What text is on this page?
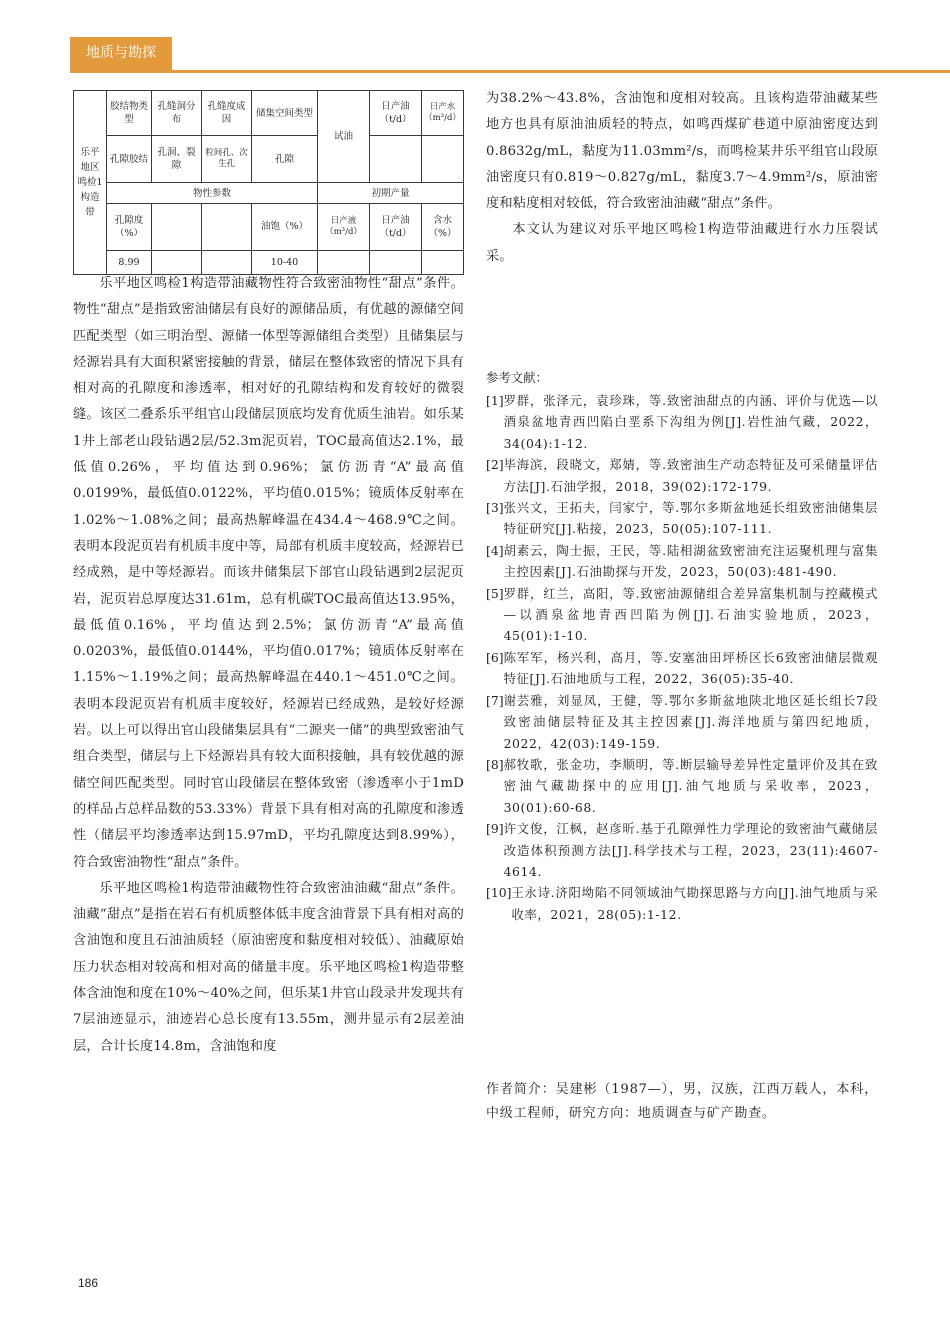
地质与勘探
乐平地区鸣检1构造带	胶结物类型	孔缝洞分布	孔缝度成因	储集空间类型	试油	日产油（t/d）	日产水（m³/d）
	孔隙胶结	孔洞、裂隙	粒间孔、次生孔	孔隙			
	物性参数				初期产量		
	孔隙度（%）			油饱（%）	日产液（m³/d）	日产油（t/d）	含水（%）
	8.99			10-40			

乐平地区鸣检1构造带油藏物性符合致密油物性“甜点”条件。物性“甜点”是指致密油储层有良好的源储品质，有优越的源储空间匹配类型（如三明治型、源储一体型等源储组合类型）且储集层与烃源岩具有大面积紧密接触的背景，储层在整体致密的情况下具有相对高的孔隙度和渗透率，相对好的孔隙结构和发育较好的微裂缝。该区二叠系乐平组官山段储层顶底均发育优质生油岩。如乐某1井上部老山段钻遇2层/52.3m泥页岩，TOC最高值达2.1%，最低值0.26%，平均值达到0.96%；氯仿沥青“A”最高值0.0199%，最低值0.0122%，平均值0.015%；镜质体反射率在1.02%～1.08%之间；最高热解峰温在434.4～468.9℃之间。表明本段泥页岩有机质丰度中等，局部有机质丰度较高，烃源岩已经成熟，是中等烃源岩。而该井储集层下部官山段钻遇到2层泥页岩，泥页岩总厚度达31.61m，总有机碳TOC最高值达13.95%，最低值0.16%，平均值达到2.5%；氯仿沥青“A”最高值0.0203%，最低值0.0144%，平均值0.017%；镜质体反射率在1.15%～1.19%之间；最高热解峰温在440.1～451.0℃之间。表明本段泥页岩有机质丰度较好，烃源岩已经成熟，是较好烃源岩。以上可以得出官山段储集层具有“二源夹一储”的典型致密油气组合类型，储层与上下烃源岩具有较大面积接触，具有较优越的源储空间匹配类型。同时官山段储层在整体致密（渗透率小于1mD的样品占总样品数的53.33%）背景下具有相对高的孔隙度和渗透性（储层平均渗透率达到15.97mD，平均孔隙度达到8.99%），符合致密油物性“甜点”条件。

乐平地区鸣检1构造带油藏物性符合致密油油藏“甜点”条件。油藏“甜点”是指在岩石有机质整体低丰度含油背景下具有相对高的含油饱和度且石油油质轻（原油密度和黏度相对较低）、油藏原始压力状态相对较高和相对高的储量丰度。乐平地区鸣检1构造带整体含油饱和度在10%～40%之间，但乐某1井官山段录井发现共有7层油迹显示，油迹岩心总长度有13.55m，测井显示有2层差油层，合计长度14.8m，含油饱和度

为38.2%～43.8%，含油饱和度相对较高。且该构造带油藏某些地方也具有原油油质轻的特点，如鸣西煤矿巷道中原油密度达到0.8632g/mL，黏度为11.03mm²/s，而鸣检某井乐平组官山段原油密度只有0.819～0.827g/mL，黏度3.7～4.9mm²/s，原油密度和粘度相对较低，符合致密油油藏“甜点”条件。

本文认为建议对乐平地区鸣检1构造带油藏进行水力压裂试采。

参考文献：
[1] 罗群，张泽元，袁珍珠，等.致密油甜点的内涵、评价与优选—以酒泉盆地青西凹陷白垩系下沟组为例[J].岩性油气藏，2022，34(04):1-12.
[2] 毕海滨，段晓文，郑婧，等.致密油生产动态特征及可采储量评估方法[J].石油学报，2018，39(02):172-179.
[3] 张兴文，王拓夫，闫家宁，等.鄂尔多斯盆地延长组致密油储集层特征研究[J].粘接，2023，50(05):107-111.
[4] 胡素云，陶士振，王民，等.陆相湖盆致密油充注运聚机理与富集主控因素[J].石油勘探与开发，2023，50(03):481-490.
[5] 罗群，红兰，高阳，等.致密油源储组合差异富集机制与控藏模式—以酒泉盆地青西凹陷为例[J].石油实验地质，2023，45(01):1-10.
[6] 陈军军，杨兴利，高月，等.安塞油田坪桥区长6致密油储层微观特征[J].石油地质与工程，2022，36(05):35-40.
[7] 谢芸雅，刘显凤，王健，等.鄂尔多斯盆地陕北地区延长组长7段致密油储层特征及其主控因素[J].海洋地质与第四纪地质，2022，42(03):149-159.
[8] 郝牧歌，张金功，李顺明，等.断层输导差异性定量评价及其在致密油气藏勘探中的应用[J].油气地质与采收率，2023，30(01):60-68.
[9] 许文俊，江枫，赵彦昕.基于孔隙弹性力学理论的致密油气藏储层改造体积预测方法[J].科学技术与工程，2023，23(11):4607-4614.
[10] 王永诗.济阳坳陷不同领域油气勘探思路与方向[J].油气地质与采收率，2021，28(05):1-12.
作者简介：吴建彬（1987—），男，汉族，江西万载人，本科，中级工程师，研究方向：地质调查与矿产勘查。
186
